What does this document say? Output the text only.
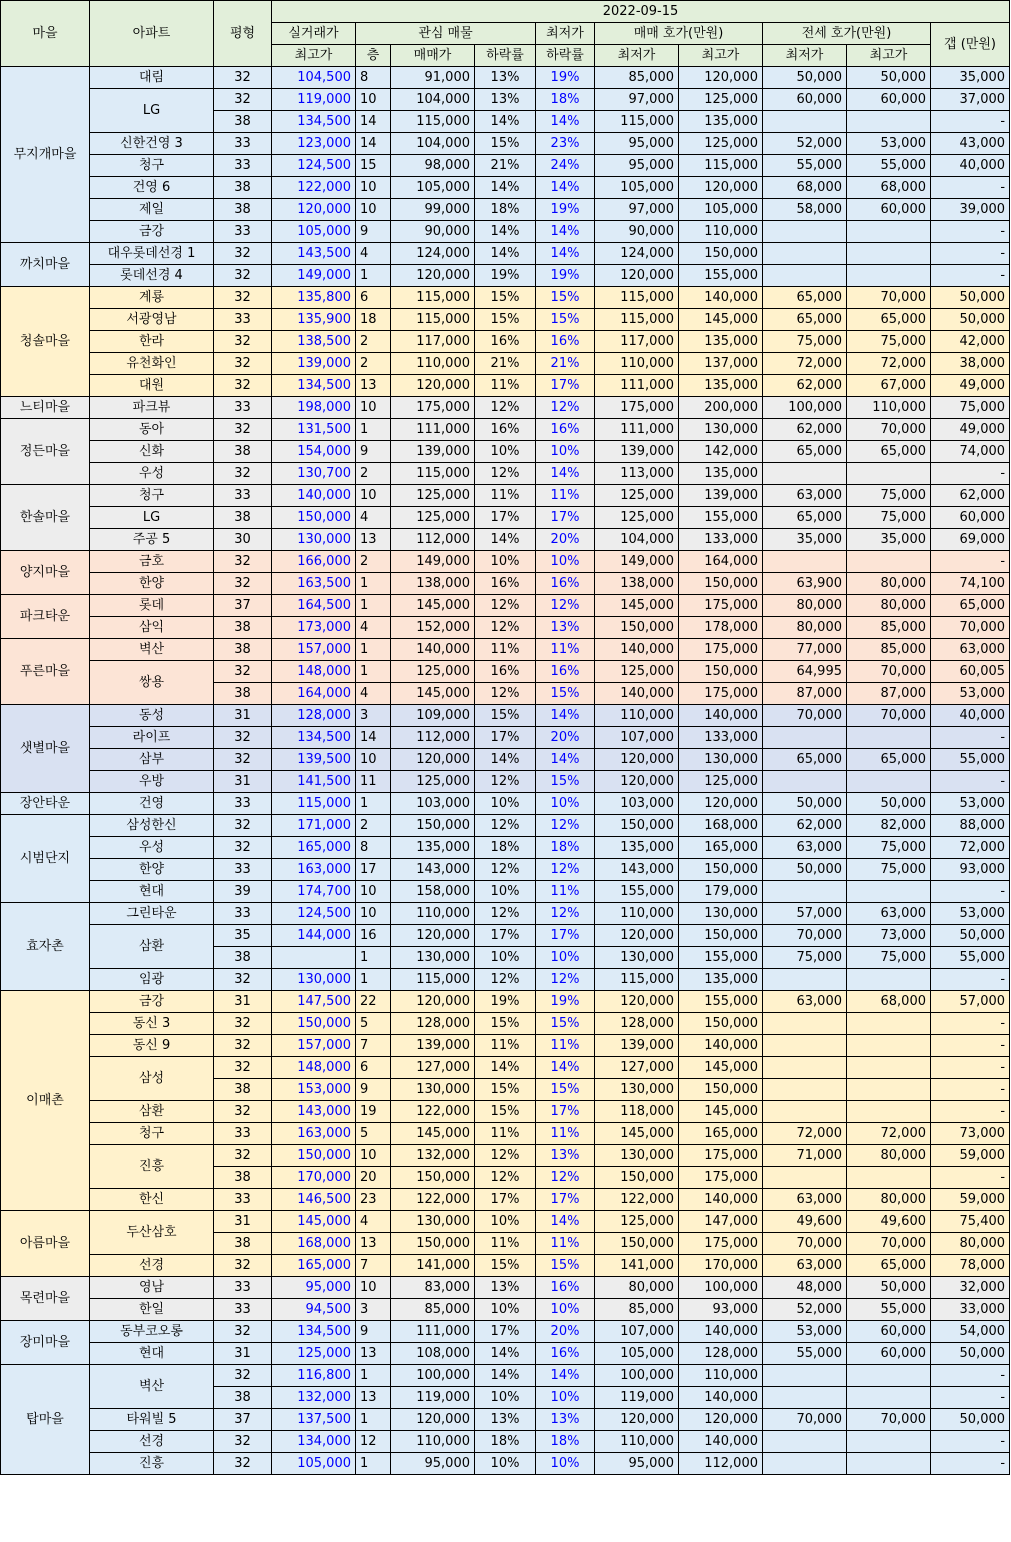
마을	아파트	평형	2022-09-15									
			실거래가	관심 매물			최저가	매매 호가(만원)		전세 호가(만원)		갭 (만원)
			최고가	층	매매가	하락률	하락률	최저가	최고가	최저가	최고가	
무지개마을	대림	32	104,500	8	91,000	13%	19%	85,000	120,000	50,000	50,000	35,000
	LG	32	119,000	10	104,000	13%	18%	97,000	125,000	60,000	60,000	37,000
		38	134,500	14	115,000	14%	14%	115,000	135,000			-
	신한건영 3	33	123,000	14	104,000	15%	23%	95,000	125,000	52,000	53,000	43,000
	청구	33	124,500	15	98,000	21%	24%	95,000	115,000	55,000	55,000	40,000
	건영 6	38	122,000	10	105,000	14%	14%	105,000	120,000	68,000	68,000	-
	제일	38	120,000	10	99,000	18%	19%	97,000	105,000	58,000	60,000	39,000
	금강	33	105,000	9	90,000	14%	14%	90,000	110,000			-
까치마을	대우롯데선경 1	32	143,500	4	124,000	14%	14%	124,000	150,000			-
	롯데선경 4	32	149,000	1	120,000	19%	19%	120,000	155,000			-
청솔마을	계룡	32	135,800	6	115,000	15%	15%	115,000	140,000	65,000	70,000	50,000
	서광영남	33	135,900	18	115,000	15%	15%	115,000	145,000	65,000	65,000	50,000
	한라	32	138,500	2	117,000	16%	16%	117,000	135,000	75,000	75,000	42,000
	유천화인	32	139,000	2	110,000	21%	21%	110,000	137,000	72,000	72,000	38,000
	대원	32	134,500	13	120,000	11%	17%	111,000	135,000	62,000	67,000	49,000
느티마을	파크뷰	33	198,000	10	175,000	12%	12%	175,000	200,000	100,000	110,000	75,000
정든마을	동아	32	131,500	1	111,000	16%	16%	111,000	130,000	62,000	70,000	49,000
	신화	38	154,000	9	139,000	10%	10%	139,000	142,000	65,000	65,000	74,000
	우성	32	130,700	2	115,000	12%	14%	113,000	135,000			-
한솔마을	청구	33	140,000	10	125,000	11%	11%	125,000	139,000	63,000	75,000	62,000
	LG	38	150,000	4	125,000	17%	17%	125,000	155,000	65,000	75,000	60,000
	주공 5	30	130,000	13	112,000	14%	20%	104,000	133,000	35,000	35,000	69,000
양지마을	금호	32	166,000	2	149,000	10%	10%	149,000	164,000			-
	한양	32	163,500	1	138,000	16%	16%	138,000	150,000	63,900	80,000	74,100
파크타운	롯데	37	164,500	1	145,000	12%	12%	145,000	175,000	80,000	80,000	65,000
	삼익	38	173,000	4	152,000	12%	13%	150,000	178,000	80,000	85,000	70,000
푸른마을	벽산	38	157,000	1	140,000	11%	11%	140,000	175,000	77,000	85,000	63,000
	쌍용	32	148,000	1	125,000	16%	16%	125,000	150,000	64,995	70,000	60,005
		38	164,000	4	145,000	12%	15%	140,000	175,000	87,000	87,000	53,000
샛별마을	동성	31	128,000	3	109,000	15%	14%	110,000	140,000	70,000	70,000	40,000
	라이프	32	134,500	14	112,000	17%	20%	107,000	133,000			-
	삼부	32	139,500	10	120,000	14%	14%	120,000	130,000	65,000	65,000	55,000
	우방	31	141,500	11	125,000	12%	15%	120,000	125,000			-
장안타운	건영	33	115,000	1	103,000	10%	10%	103,000	120,000	50,000	50,000	53,000
시범단지	삼성한신	32	171,000	2	150,000	12%	12%	150,000	168,000	62,000	82,000	88,000
	우성	32	165,000	8	135,000	18%	18%	135,000	165,000	63,000	75,000	72,000
	한양	33	163,000	17	143,000	12%	12%	143,000	150,000	50,000	75,000	93,000
	현대	39	174,700	10	158,000	10%	11%	155,000	179,000			-
효자촌	그린타운	33	124,500	10	110,000	12%	12%	110,000	130,000	57,000	63,000	53,000
	삼환	35	144,000	16	120,000	17%	17%	120,000	150,000	70,000	73,000	50,000
		38		1	130,000	10%	10%	130,000	155,000	75,000	75,000	55,000
	임광	32	130,000	1	115,000	12%	12%	115,000	135,000			-
이매촌	금강	31	147,500	22	120,000	19%	19%	120,000	155,000	63,000	68,000	57,000
	동신 3	32	150,000	5	128,000	15%	15%	128,000	150,000			-
	동신 9	32	157,000	7	139,000	11%	11%	139,000	140,000			-
	삼성	32	148,000	6	127,000	14%	14%	127,000	145,000			-
		38	153,000	9	130,000	15%	15%	130,000	150,000			-
	삼환	32	143,000	19	122,000	15%	17%	118,000	145,000			-
	청구	33	163,000	5	145,000	11%	11%	145,000	165,000	72,000	72,000	73,000
	진흥	32	150,000	10	132,000	12%	13%	130,000	175,000	71,000	80,000	59,000
		38	170,000	20	150,000	12%	12%	150,000	175,000			-
	한신	33	146,500	23	122,000	17%	17%	122,000	140,000	63,000	80,000	59,000
아름마을	두산삼호	31	145,000	4	130,000	10%	14%	125,000	147,000	49,600	49,600	75,400
		38	168,000	13	150,000	11%	11%	150,000	175,000	70,000	70,000	80,000
	선경	32	165,000	7	141,000	15%	15%	141,000	170,000	63,000	65,000	78,000
목련마을	영남	33	95,000	10	83,000	13%	16%	80,000	100,000	48,000	50,000	32,000
	한일	33	94,500	3	85,000	10%	10%	85,000	93,000	52,000	55,000	33,000
장미마을	동부코오롱	32	134,500	9	111,000	17%	20%	107,000	140,000	53,000	60,000	54,000
	현대	31	125,000	13	108,000	14%	16%	105,000	128,000	55,000	60,000	50,000
탑마을	벽산	32	116,800	1	100,000	14%	14%	100,000	110,000			-
		38	132,000	13	119,000	10%	10%	119,000	140,000			-
	타워빌 5	37	137,500	1	120,000	13%	13%	120,000	120,000	70,000	70,000	50,000
	선경	32	134,000	12	110,000	18%	18%	110,000	140,000			-
	진흥	32	105,000	1	95,000	10%	10%	95,000	112,000			-
